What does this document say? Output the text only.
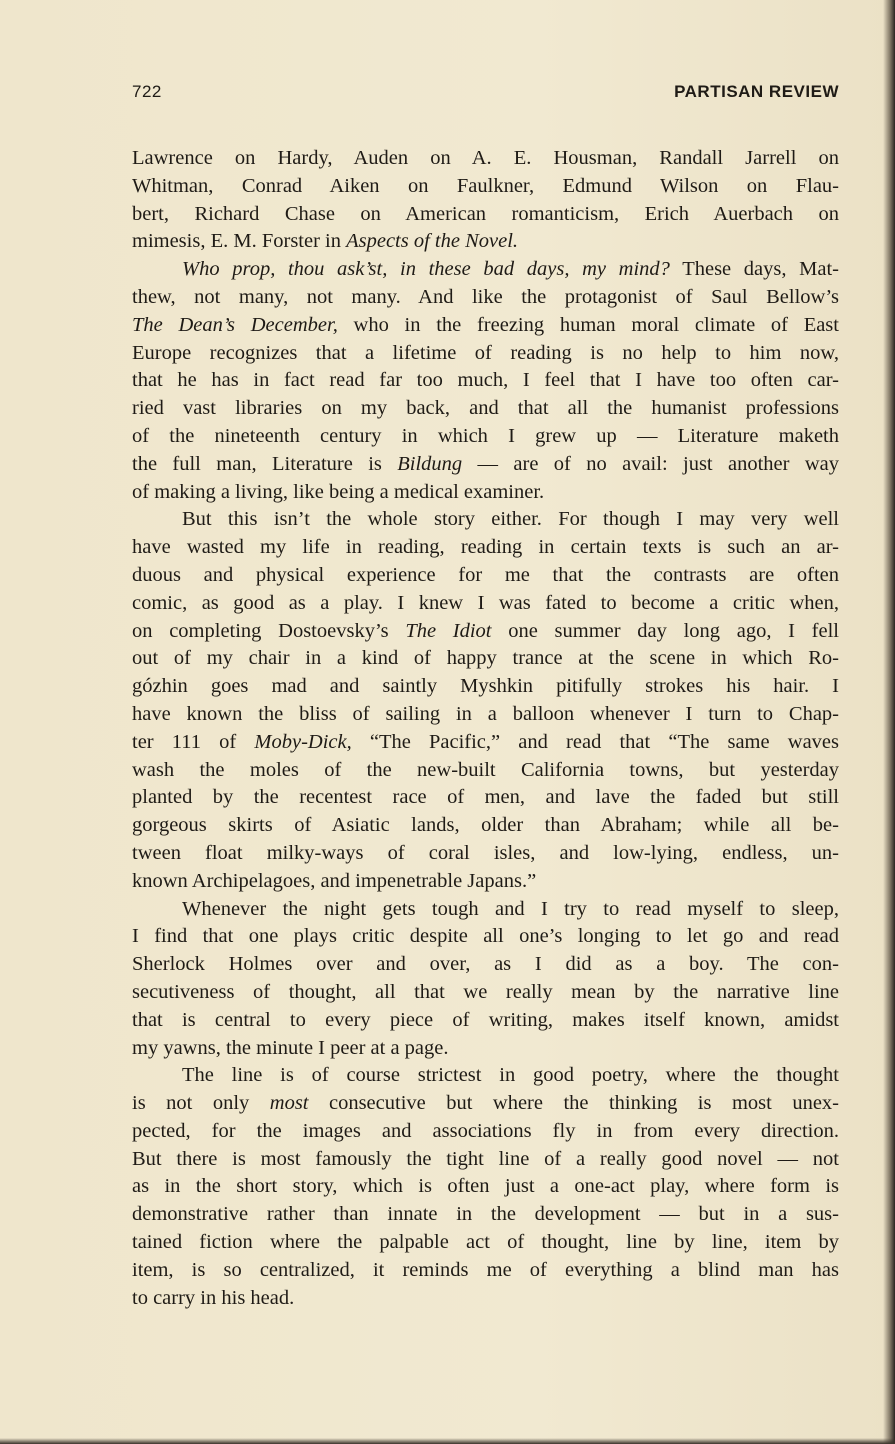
722	PARTISAN REVIEW
Lawrence on Hardy, Auden on A. E. Housman, Randall Jarrell on
Whitman, Conrad Aiken on Faulkner, Edmund Wilson on Flau-
bert, Richard Chase on American romanticism, Erich Auerbach on
mimesis, E. M. Forster in Aspects of the Novel.
Who prop, thou ask’st, in these bad days, my mind? These days, Mat-
thew, not many, not many. And like the protagonist of Saul Bellow’s
The Dean’s December, who in the freezing human moral climate of East
Europe recognizes that a lifetime of reading is no help to him now,
that he has in fact read far too much, I feel that I have too often car-
ried vast libraries on my back, and that all the humanist professions
of the nineteenth century in which I grew up — Literature maketh
the full man, Literature is Bildung — are of no avail: just another way
of making a living, like being a medical examiner.
But this isn’t the whole story either. For though I may very well
have wasted my life in reading, reading in certain texts is such an ar-
duous and physical experience for me that the contrasts are often
comic, as good as a play. I knew I was fated to become a critic when,
on completing Dostoevsky’s The Idiot one summer day long ago, I fell
out of my chair in a kind of happy trance at the scene in which Ro-
gózhin goes mad and saintly Myshkin pitifully strokes his hair. I
have known the bliss of sailing in a balloon whenever I turn to Chap-
ter 111 of Moby-Dick, “The Pacific,” and read that “The same waves
wash the moles of the new-built California towns, but yesterday
planted by the recentest race of men, and lave the faded but still
gorgeous skirts of Asiatic lands, older than Abraham; while all be-
tween float milky-ways of coral isles, and low-lying, endless, un-
known Archipelagoes, and impenetrable Japans.”
Whenever the night gets tough and I try to read myself to sleep,
I find that one plays critic despite all one’s longing to let go and read
Sherlock Holmes over and over, as I did as a boy. The con-
secutiveness of thought, all that we really mean by the narrative line
that is central to every piece of writing, makes itself known, amidst
my yawns, the minute I peer at a page.
The line is of course strictest in good poetry, where the thought
is not only most consecutive but where the thinking is most unex-
pected, for the images and associations fly in from every direction.
But there is most famously the tight line of a really good novel — not
as in the short story, which is often just a one-act play, where form is
demonstrative rather than innate in the development — but in a sus-
tained fiction where the palpable act of thought, line by line, item by
item, is so centralized, it reminds me of everything a blind man has
to carry in his head.
